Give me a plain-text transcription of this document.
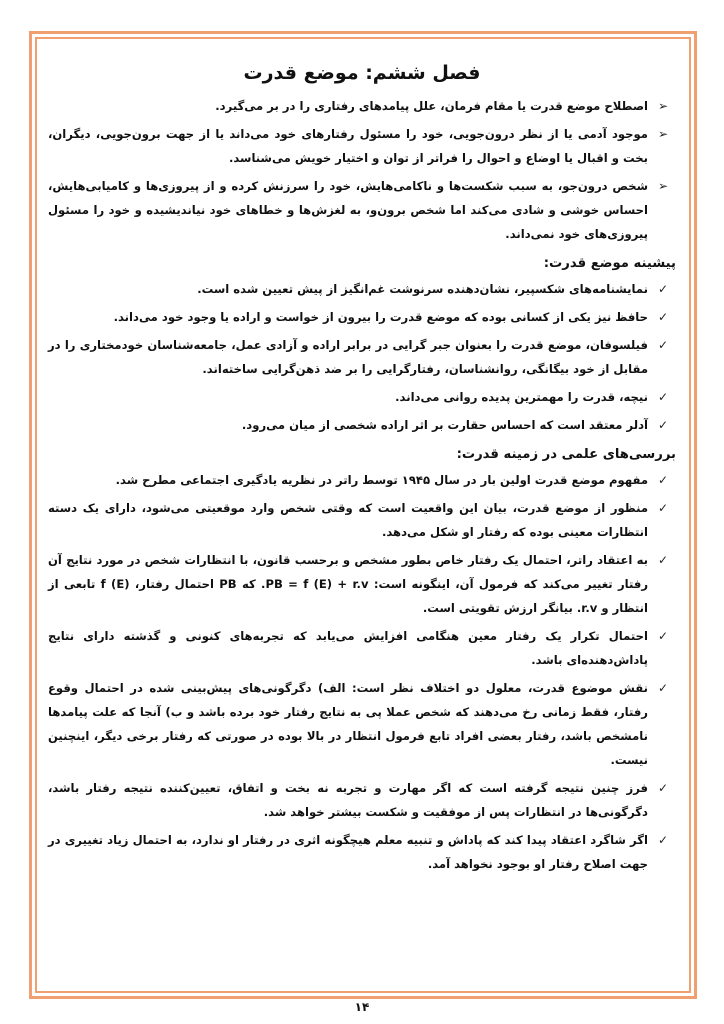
فصل ششم: موضع قدرت
➢
اصطلاح موضع قدرت یا مقام فرمان، علل پیامدهای رفتاری را در بر می‌گیرد.
➢
موجود آدمی یا از نظر درون‌جویی، خود را مسئول رفتارهای خود می‌داند یا از جهت برون‌جویی، دیگران، بخت و اقبال یا اوضاع و احوال را فراتر از توان و اختیار خویش می‌شناسد.
➢
شخص درون‌جو، به سبب شکست‌ها و ناکامی‌هایش، خود را سرزنش کرده و از پیروزی‌ها و کامیابی‌هایش، احساس خوشی و شادی می‌کند اما شخص برون‌و، به لغزش‌ها و خطاهای خود نیاندیشیده و خود را مسئول پیروزی‌های خود نمی‌داند.
پیشینه موضع قدرت:
✓
نمایشنامه‌های شکسپیر، نشان‌دهنده سرنوشت غم‌انگیز از پیش تعیین شده است.
✓
حافظ نیز یکی از کسانی بوده که موضع قدرت را بیرون از خواست و اراده یا وجود خود می‌داند.
✓
فیلسوفان، موضع قدرت را بعنوان جبر گرایی در برابر اراده و آزادی عمل، جامعه‌شناسان خودمختاری را در مقابل از خود بیگانگی، روانشناسان، رفتارگرایی را بر ضد ذهن‌گرایی ساخته‌اند.
✓
نیچه، قدرت را مهمترین پدیده روانی می‌داند.
✓
آدلر معتقد است که احساس حقارت بر اثر اراده شخصی از میان می‌رود.
بررسی‌های علمی در زمینه قدرت:
✓
مفهوم موضع قدرت اولین بار در سال ۱۹۴۵ توسط راتر در نظریه یادگیری اجتماعی مطرح شد.
✓
منظور از موضع قدرت، بیان این واقعیت است که وقتی شخص وارد موقعیتی می‌شود، دارای یک دسته انتظارات معینی بوده که رفتار او شکل می‌دهد.
✓
به اعتقاد راتر، احتمال یک رفتار خاص بطور مشخص و برحسب قانون، با انتظارات شخص در مورد نتایج آن رفتار تغییر می‌کند که فرمول آن، اینگونه است: PB = f (E) + r.v. که PB احتمال رفتار، f (E) تابعی از انتظار و r.v. بیانگر ارزش تقویتی است.
✓
احتمال تکرار یک رفتار معین هنگامی افزایش می‌یابد که تجربه‌های کنونی و گذشته دارای نتایج پاداش‌دهنده‌ای باشد.
✓
نقش موضوع قدرت، معلول دو اختلاف نظر است: الف) دگرگونی‌های پیش‌بینی شده در احتمال وقوع رفتار، فقط زمانی رخ می‌دهند که شخص عملا پی به نتایج رفتار خود برده باشد و ب) آنجا که علت پیامدها نامشخص باشد، رفتار بعضی افراد تابع فرمول انتظار در بالا بوده در صورتی که رفتار برخی دیگر، اینچنین نیست.
✓
فرز چنین نتیجه گرفته است که اگر مهارت و تجربه نه بخت و اتفاق، تعیین‌کننده نتیجه رفتار باشد، دگرگونی‌ها در انتظارات پس از موفقیت و شکست بیشتر خواهد شد.
✓
اگر شاگرد اعتقاد پیدا کند که پاداش و تنبیه معلم هیچگونه اثری در رفتار او ندارد، به احتمال زیاد تغییری در جهت اصلاح رفتار او بوجود نخواهد آمد.
۱۴
